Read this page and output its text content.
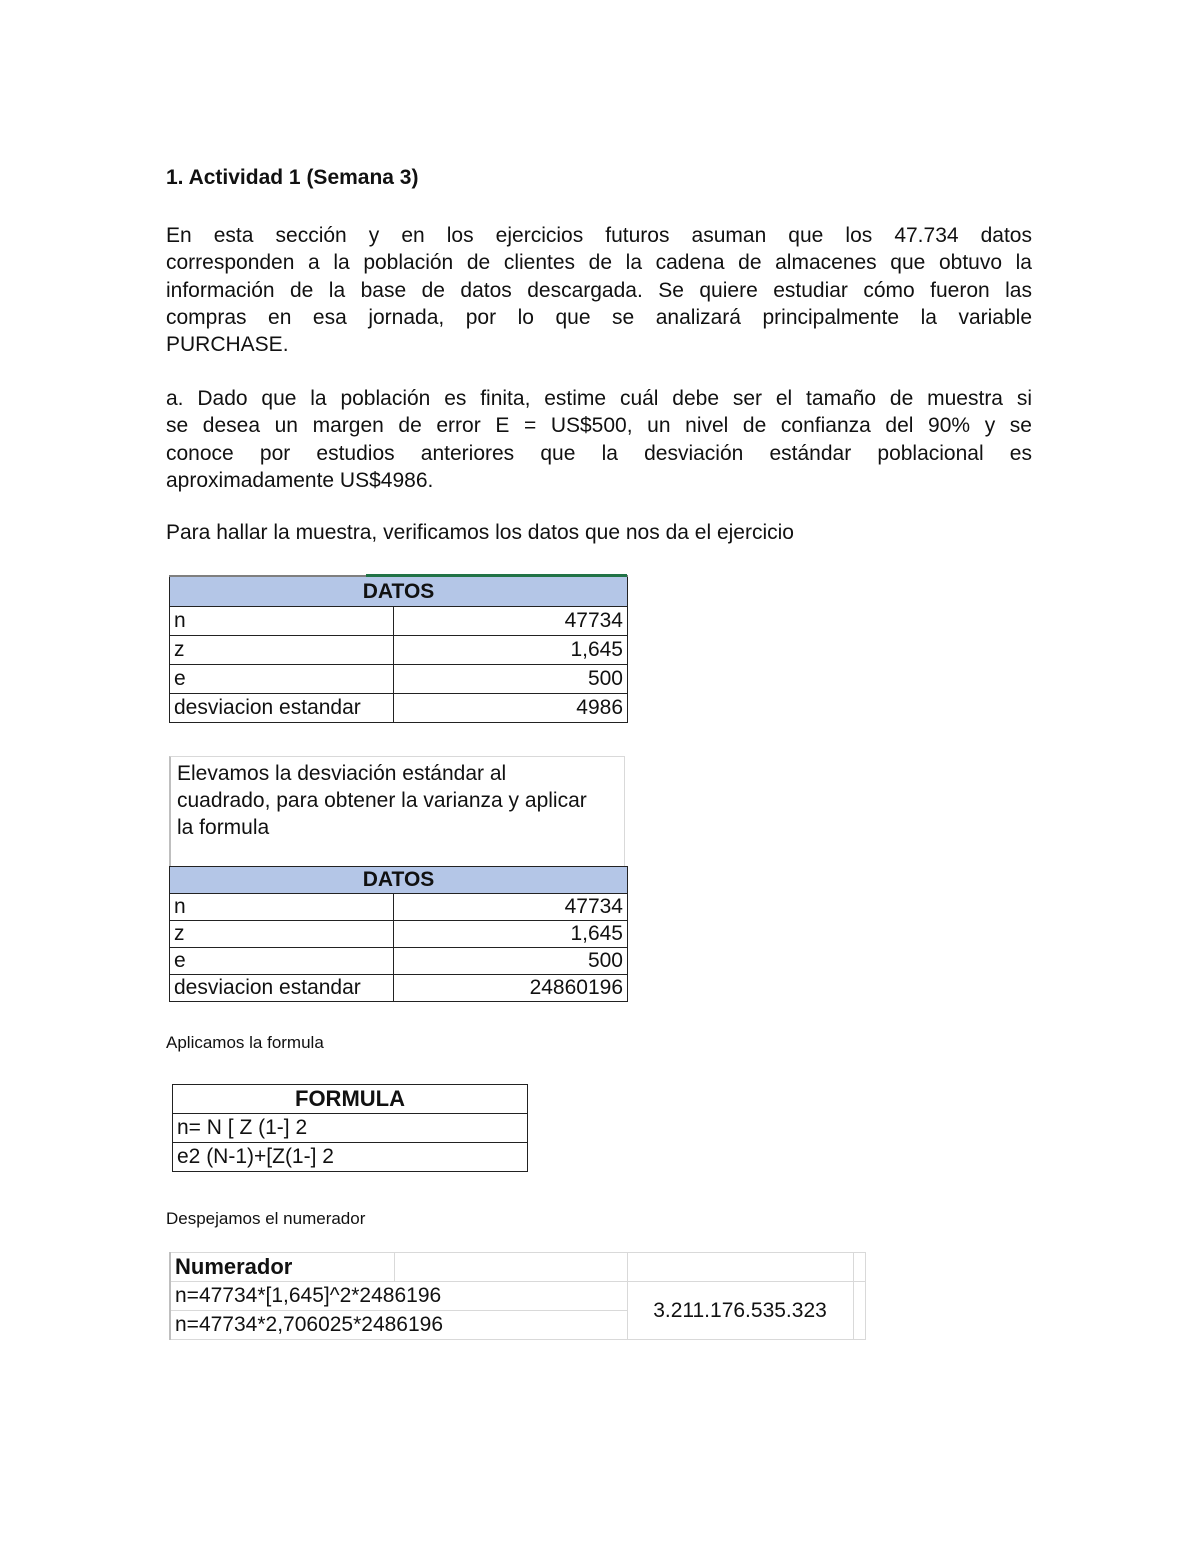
1. Actividad 1 (Semana 3)

En esta sección y en los ejercicios futuros asuman que los 47.734 datos
corresponden a la población de clientes de la cadena de almacenes que obtuvo la
información de la base de datos descargada. Se quiere estudiar cómo fueron las
compras en esa jornada, por lo que se analizará principalmente la variable
PURCHASE.

a. Dado que la población es finita, estime cuál debe ser el tamaño de muestra si
se desea un margen de error E = US$500, un nivel de confianza del 90% y se
conoce por estudios anteriores que la desviación estándar poblacional es
aproximadamente US$4986.

Para hallar la muestra, verificamos los datos que nos da el ejercicio

DATOS	
n	47734
z	1,645
e	500
desviacion estandar	4986
Elevamos la desviación estándar al
cuadrado, para obtener la varianza y aplicar
la formula
DATOS	
n	47734
z	1,645
e	500
desviacion estandar	24860196

Aplicamos la formula

FORMULA
n= N [ Z (1-] 2
e2 (N-1)+[Z(1-] 2

Despejamos el numerador

Numerador			
n=47734*[1,645]^2*2486196		3.211.176.535.323	
n=47734*2,706025*2486196			
